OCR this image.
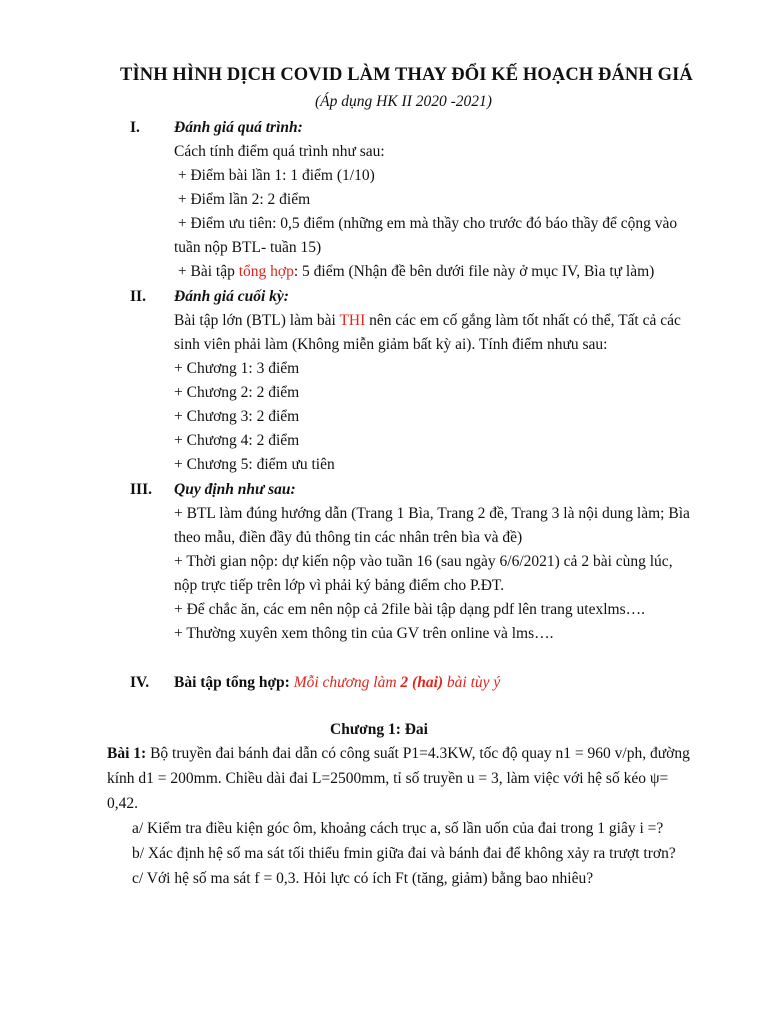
TÌNH HÌNH DỊCH COVID LÀM THAY ĐỔI KẾ HOẠCH ĐÁNH GIÁ
(Áp dụng HK II 2020 -2021)
I. Đánh giá quá trình:
Cách tính điểm quá trình như sau:
+ Điểm bài lần 1: 1 điểm (1/10)
+ Điểm lần 2: 2 điểm
+ Điểm ưu tiên: 0,5 điểm (những em mà thầy cho trước đó báo thầy để cộng vào
tuần nộp BTL- tuần 15)
+ Bài tập tổng hợp: 5 điểm (Nhận đề bên dưới file này ở mục IV, Bìa tự làm)
II. Đánh giá cuối kỳ:
Bài tập lớn (BTL) làm bài THI nên các em cố gắng làm tốt nhất có thể, Tất cả các
sinh viên phải làm (Không miễn giảm bất kỳ ai). Tính điểm nhưu sau:
+ Chương 1: 3 điểm
+ Chương 2: 2 điểm
+ Chương 3: 2 điểm
+ Chương 4: 2 điểm
+ Chương 5: điểm ưu tiên
III. Quy định như sau:
+ BTL làm đúng hướng dẫn (Trang 1 Bìa, Trang 2 đề, Trang 3 là nội dung làm; Bìa
theo mẫu, điền đầy đủ thông tin các nhân trên bìa và đề)
+ Thời gian nộp: dự kiến nộp vào tuần 16 (sau ngày 6/6/2021) cả 2 bài cùng lúc,
nộp trực tiếp trên lớp vì phải ký bảng điểm cho P.ĐT.
+ Để chắc ăn, các em nên nộp cả 2file bài tập dạng pdf lên trang utexlms….
+ Thường xuyên xem thông tin của GV trên online và lms….
IV. Bài tập tổng hợp: Mỗi chương làm 2 (hai) bài tùy ý
Chương 1: Đai
Bài 1: Bộ truyền đai bánh đai dẫn có công suất P1=4.3KW, tốc độ quay n1 = 960 v/ph, đường
kính d1 = 200mm. Chiều dài đai L=2500mm, tỉ số truyền u = 3, làm việc với hệ số kéo ψ=
0,42.
a/ Kiểm tra điều kiện góc ôm, khoảng cách trục a, số lần uốn của đai trong 1 giây i =?
b/ Xác định hệ số ma sát tối thiểu fmin giữa đai và bánh đai để không xảy ra trượt trơn?
c/ Với hệ số ma sát f = 0,3. Hỏi lực có ích Ft (tăng, giảm) bằng bao nhiêu?
